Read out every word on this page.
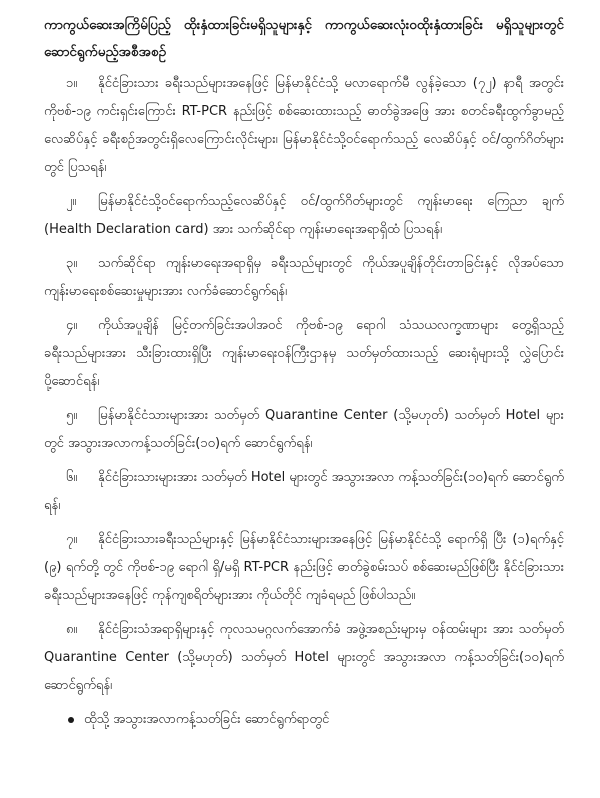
ကာကွယ်ဆေးအကြိမ်ပြည့် ထိုးနှံထားခြင်းမရှိသူများနှင့် ကာကွယ်ဆေးလုံးဝထိုးနှံထားခြင်း မရှိသူများတွင် ဆောင်ရွက်မည့်အစီအစဉ်

၁။ နိုင်ငံခြားသား ခရီးသည်များအနေဖြင့် မြန်မာနိုင်ငံသို့ မလာရောက်မီ လွန်ခဲ့သော (၇၂) နာရီ အတွင်း ကိုဗစ်-၁၉ ကင်းရှင်းကြောင်း RT-PCR နည်းဖြင့် စစ်ဆေးထားသည့် ဓာတ်ခွဲအဖြေ အား စတင်ခရီးထွက်ခွာမည့်လေဆိပ်နှင့် ခရီးစဉ်အတွင်းရှိလေကြောင်းလိုင်းများ၊ မြန်မာနိုင်ငံသို့ဝင်ရောက်သည့် လေဆိပ်နှင့် ဝင်/ထွက်ဂိတ်များတွင် ပြသရန်၊

၂။ မြန်မာနိုင်ငံသို့ဝင်ရောက်သည့်လေဆိပ်နှင့် ဝင်/ထွက်ဂိတ်များတွင် ကျန်းမာရေး ကြေညာ ချက် (Health Declaration card) အား သက်ဆိုင်ရာ ကျန်းမာရေးအရာရှိထံ ပြသရန်၊

၃။ သက်ဆိုင်ရာ ကျန်းမာရေးအရာရှိမှ ခရီးသည်များတွင် ကိုယ်အပူချိန်တိုင်းတာခြင်းနှင့် လိုအပ်သော ကျန်းမာရေးစစ်ဆေးမှုများအား လက်ခံဆောင်ရွက်ရန်၊

၄။ ကိုယ်အပူချိန် မြင့်တက်ခြင်းအပါအဝင် ကိုဗစ်-၁၉ ရောဂါ သံသယလက္ခဏာများ တွေ့ရှိသည့် ခရီးသည်များအား သီးခြားထားရှိပြီး ကျန်းမာရေးဝန်ကြီးဌာနမှ သတ်မှတ်ထားသည့် ဆေးရုံများသို့ လွှဲပြောင်းပို့ဆောင်ရန်၊

၅။ မြန်မာနိုင်ငံသားများအား သတ်မှတ် Quarantine Center (သို့မဟုတ်) သတ်မှတ် Hotel များ တွင် အသွားအလာကန့်သတ်ခြင်း(၁၀)ရက် ဆောင်ရွက်ရန်၊

၆။ နိုင်ငံခြားသားများအား သတ်မှတ် Hotel များတွင် အသွားအလာ ကန့်သတ်ခြင်း(၁၀)ရက် ဆောင်ရွက်ရန်၊

၇။ နိုင်ငံခြားသားခရီးသည်များနှင့် မြန်မာနိုင်ငံသားများအနေဖြင့် မြန်မာနိုင်ငံသို့ ရောက်ရှိ ပြီး (၁)ရက်နှင့် (၉) ရက်တို့ တွင် ကိုဗစ်-၁၉ ရောဂါ ရှိ/မရှိ RT-PCR နည်းဖြင့် ဓာတ်ခွဲစမ်းသပ် စစ်ဆေးမည်ဖြစ်ပြီး နိုင်ငံခြားသားခရီးသည်များအနေဖြင့် ကုန်ကျစရိတ်များအား ကိုယ်တိုင် ကျခံရမည် ဖြစ်ပါသည်။

၈။ နိုင်ငံခြားသံအရာရှိများနှင့် ကုလသမဂ္ဂလက်အောက်ခံ အဖွဲ့အစည်းများမှ ဝန်ထမ်းများ အား သတ်မှတ် Quarantine Center (သို့မဟုတ်) သတ်မှတ် Hotel များတွင် အသွားအလာ ကန့်သတ်ခြင်း(၁၀)ရက် ဆောင်ရွက်ရန်၊

ထိုသို့ အသွားအလာကန့်သတ်ခြင်း ဆောင်ရွက်ရာတွင်
